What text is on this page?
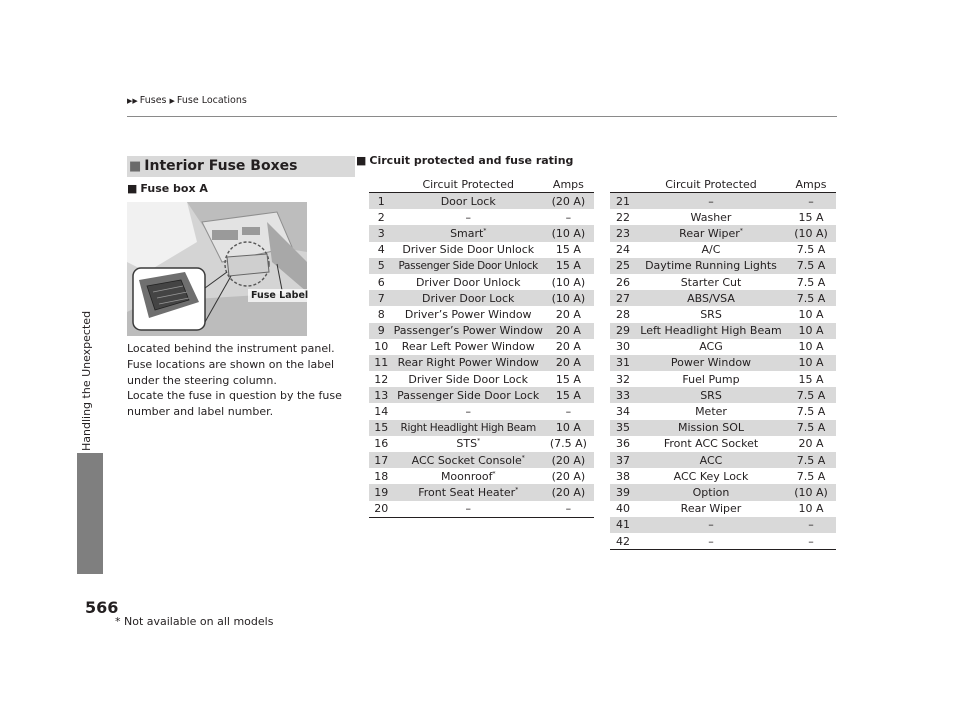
▶▶ Fuses ▶ Fuse Locations
Handling the Unexpected
566
■ Interior Fuse Boxes
■ Fuse box A
Fuse Label
Located behind the instrument panel.
Fuse locations are shown on the label under the steering column.
Locate the fuse in question by the fuse number and label number.
■ Circuit protected and fuse rating
	Circuit Protected	Amps
1	Door Lock	(20 A)
2	–	–
3	Smart*	(10 A)
4	Driver Side Door Unlock	15 A
5	Passenger Side Door Unlock	15 A
6	Driver Door Unlock	(10 A)
7	Driver Door Lock	(10 A)
8	Driver’s Power Window	20 A
9	Passenger’s Power Window	20 A
10	Rear Left Power Window	20 A
11	Rear Right Power Window	20 A
12	Driver Side Door Lock	15 A
13	Passenger Side Door Lock	15 A
14	–	–
15	Right Headlight High Beam	10 A
16	STS*	(7.5 A)
17	ACC Socket Console*	(20 A)
18	Moonroof*	(20 A)
19	Front Seat Heater*	(20 A)
20	–	–
	Circuit Protected	Amps
21	–	–
22	Washer	15 A
23	Rear Wiper*	(10 A)
24	A/C	7.5 A
25	Daytime Running Lights	7.5 A
26	Starter Cut	7.5 A
27	ABS/VSA	7.5 A
28	SRS	10 A
29	Left Headlight High Beam	10 A
30	ACG	10 A
31	Power Window	10 A
32	Fuel Pump	15 A
33	SRS	7.5 A
34	Meter	7.5 A
35	Mission SOL	7.5 A
36	Front ACC Socket	20 A
37	ACC	7.5 A
38	ACC Key Lock	7.5 A
39	Option	(10 A)
40	Rear Wiper	10 A
41	–	–
42	–	–
* Not available on all models
